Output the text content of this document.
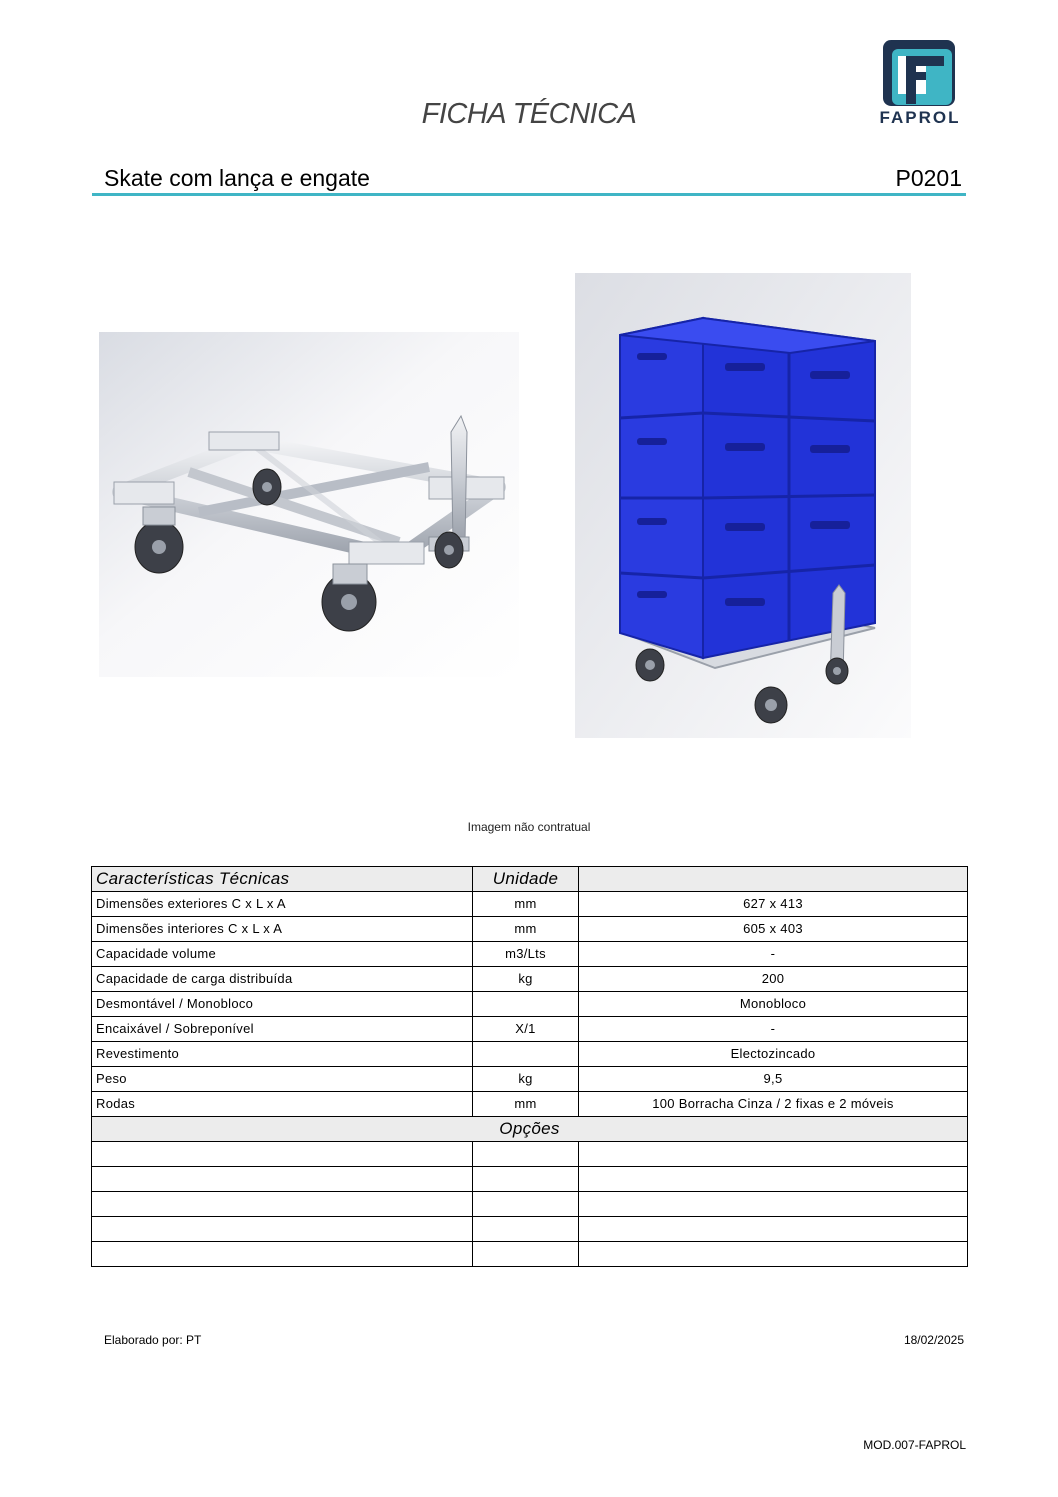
FICHA TÉCNICA	FAPROL
Skate com lança e engate	P0201
Imagem não contratual
Características Técnicas	Unidade	
Dimensões exteriores C x L x A	mm	627 x 413
Dimensões interiores C x L x A	mm	605 x 403
Capacidade volume	m3/Lts	-
Capacidade de carga distribuída	kg	200
Desmontável / Monobloco		Monobloco
Encaixável / Sobreponível	X/1	-
Revestimento		Electozincado
Peso	kg	9,5
Rodas	mm	100 Borracha Cinza / 2 fixas e 2 móveis
Opções		

Elaborado por: PT	18/02/2025
MOD.007-FAPROL
